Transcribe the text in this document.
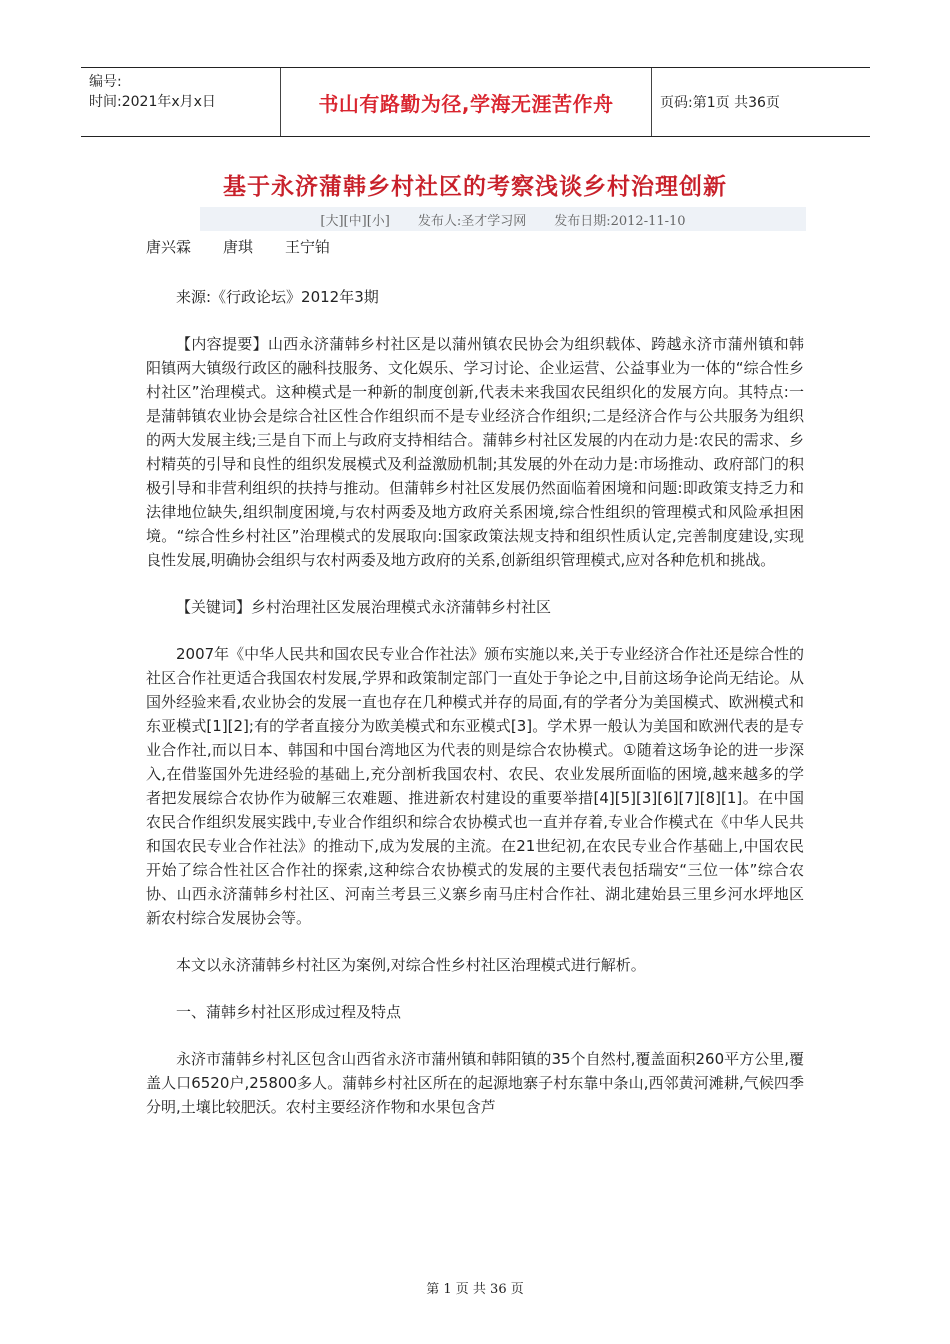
编号:
时间:2021年x月x日	书山有路勤为径,学海无涯苦作舟	页码:第1页 共36页
基于永济蒲韩乡村社区的考察浅谈乡村治理创新
[大][中][小] 发布人:圣才学习网 发布日期:2012-11-10
唐兴霖 唐琪 王宁铂

来源:《行政论坛》2012年3期

【内容提要】山西永济蒲韩乡村社区是以蒲州镇农民协会为组织载体、跨越永济市蒲州镇和韩阳镇两大镇级行政区的融科技服务、文化娱乐、学习讨论、企业运营、公益事业为一体的“综合性乡村社区”治理模式。这种模式是一种新的制度创新,代表未来我国农民组织化的发展方向。其特点:一是蒲韩镇农业协会是综合社区性合作组织而不是专业经济合作组织;二是经济合作与公共服务为组织的两大发展主线;三是自下而上与政府支持相结合。蒲韩乡村社区发展的内在动力是:农民的需求、乡村精英的引导和良性的组织发展模式及利益激励机制;其发展的外在动力是:市场推动、政府部门的积极引导和非营利组织的扶持与推动。但蒲韩乡村社区发展仍然面临着困境和问题:即政策支持乏力和法律地位缺失,组织制度困境,与农村两委及地方政府关系困境,综合性组织的管理模式和风险承担困境。“综合性乡村社区”治理模式的发展取向:国家政策法规支持和组织性质认定,完善制度建设,实现良性发展,明确协会组织与农村两委及地方政府的关系,创新组织管理模式,应对各种危机和挑战。

【关键词】乡村治理社区发展治理模式永济蒲韩乡村社区

2007年《中华人民共和国农民专业合作社法》颁布实施以来,关于专业经济合作社还是综合性的社区合作社更适合我国农村发展,学界和政策制定部门一直处于争论之中,目前这场争论尚无结论。从国外经验来看,农业协会的发展一直也存在几种模式并存的局面,有的学者分为美国模式、欧洲模式和东亚模式[1][2];有的学者直接分为欧美模式和东亚模式[3]。学术界一般认为美国和欧洲代表的是专业合作社,而以日本、韩国和中国台湾地区为代表的则是综合农协模式。①随着这场争论的进一步深入,在借鉴国外先进经验的基础上,充分剖析我国农村、农民、农业发展所面临的困境,越来越多的学者把发展综合农协作为破解三农难题、推进新农村建设的重要举措[4][5][3][6][7][8][1]。在中国农民合作组织发展实践中,专业合作组织和综合农协模式也一直并存着,专业合作模式在《中华人民共和国农民专业合作社法》的推动下,成为发展的主流。在21世纪初,在农民专业合作基础上,中国农民开始了综合性社区合作社的探索,这种综合农协模式的发展的主要代表包括瑞安“三位一体”综合农协、山西永济蒲韩乡村社区、河南兰考县三义寨乡南马庄村合作社、湖北建始县三里乡河水坪地区新农村综合发展协会等。

本文以永济蒲韩乡村社区为案例,对综合性乡村社区治理模式进行解析。

一、蒲韩乡村社区形成过程及特点

永济市蒲韩乡村礼区包含山西省永济市蒲州镇和韩阳镇的35个自然村,覆盖面积260平方公里,覆盖人口6520户,25800多人。蒲韩乡村社区所在的起源地寨子村东靠中条山,西邻黄河滩耕,气候四季分明,土壤比较肥沃。农村主要经济作物和水果包含芦

第 1 页 共 36 页
